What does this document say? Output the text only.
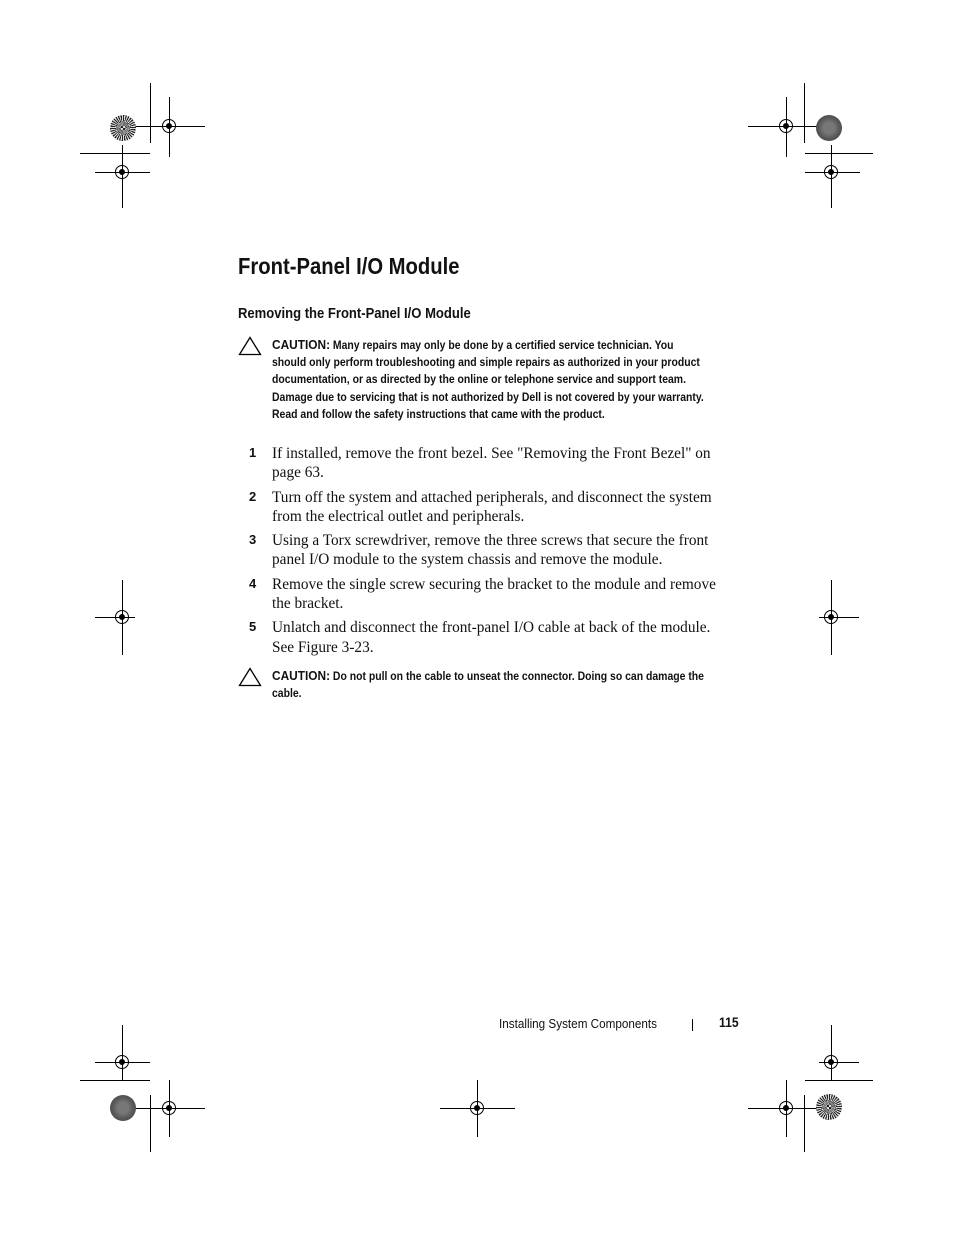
Front-Panel I/O Module
Removing the Front-Panel I/O Module
CAUTION: Many repairs may only be done by a certified service technician. You should only perform troubleshooting and simple repairs as authorized in your product documentation, or as directed by the online or telephone service and support team. Damage due to servicing that is not authorized by Dell is not covered by your warranty. Read and follow the safety instructions that came with the product.
1 If installed, remove the front bezel. See "Removing the Front Bezel" on page 63.
2 Turn off the system and attached peripherals, and disconnect the system from the electrical outlet and peripherals.
3 Using a Torx screwdriver, remove the three screws that secure the front panel I/O module to the system chassis and remove the module.
4 Remove the single screw securing the bracket to the module and remove the bracket.
5 Unlatch and disconnect the front-panel I/O cable at back of the module. See Figure 3-23.
CAUTION: Do not pull on the cable to unseat the connector. Doing so can damage the cable.
Installing System Components	115
